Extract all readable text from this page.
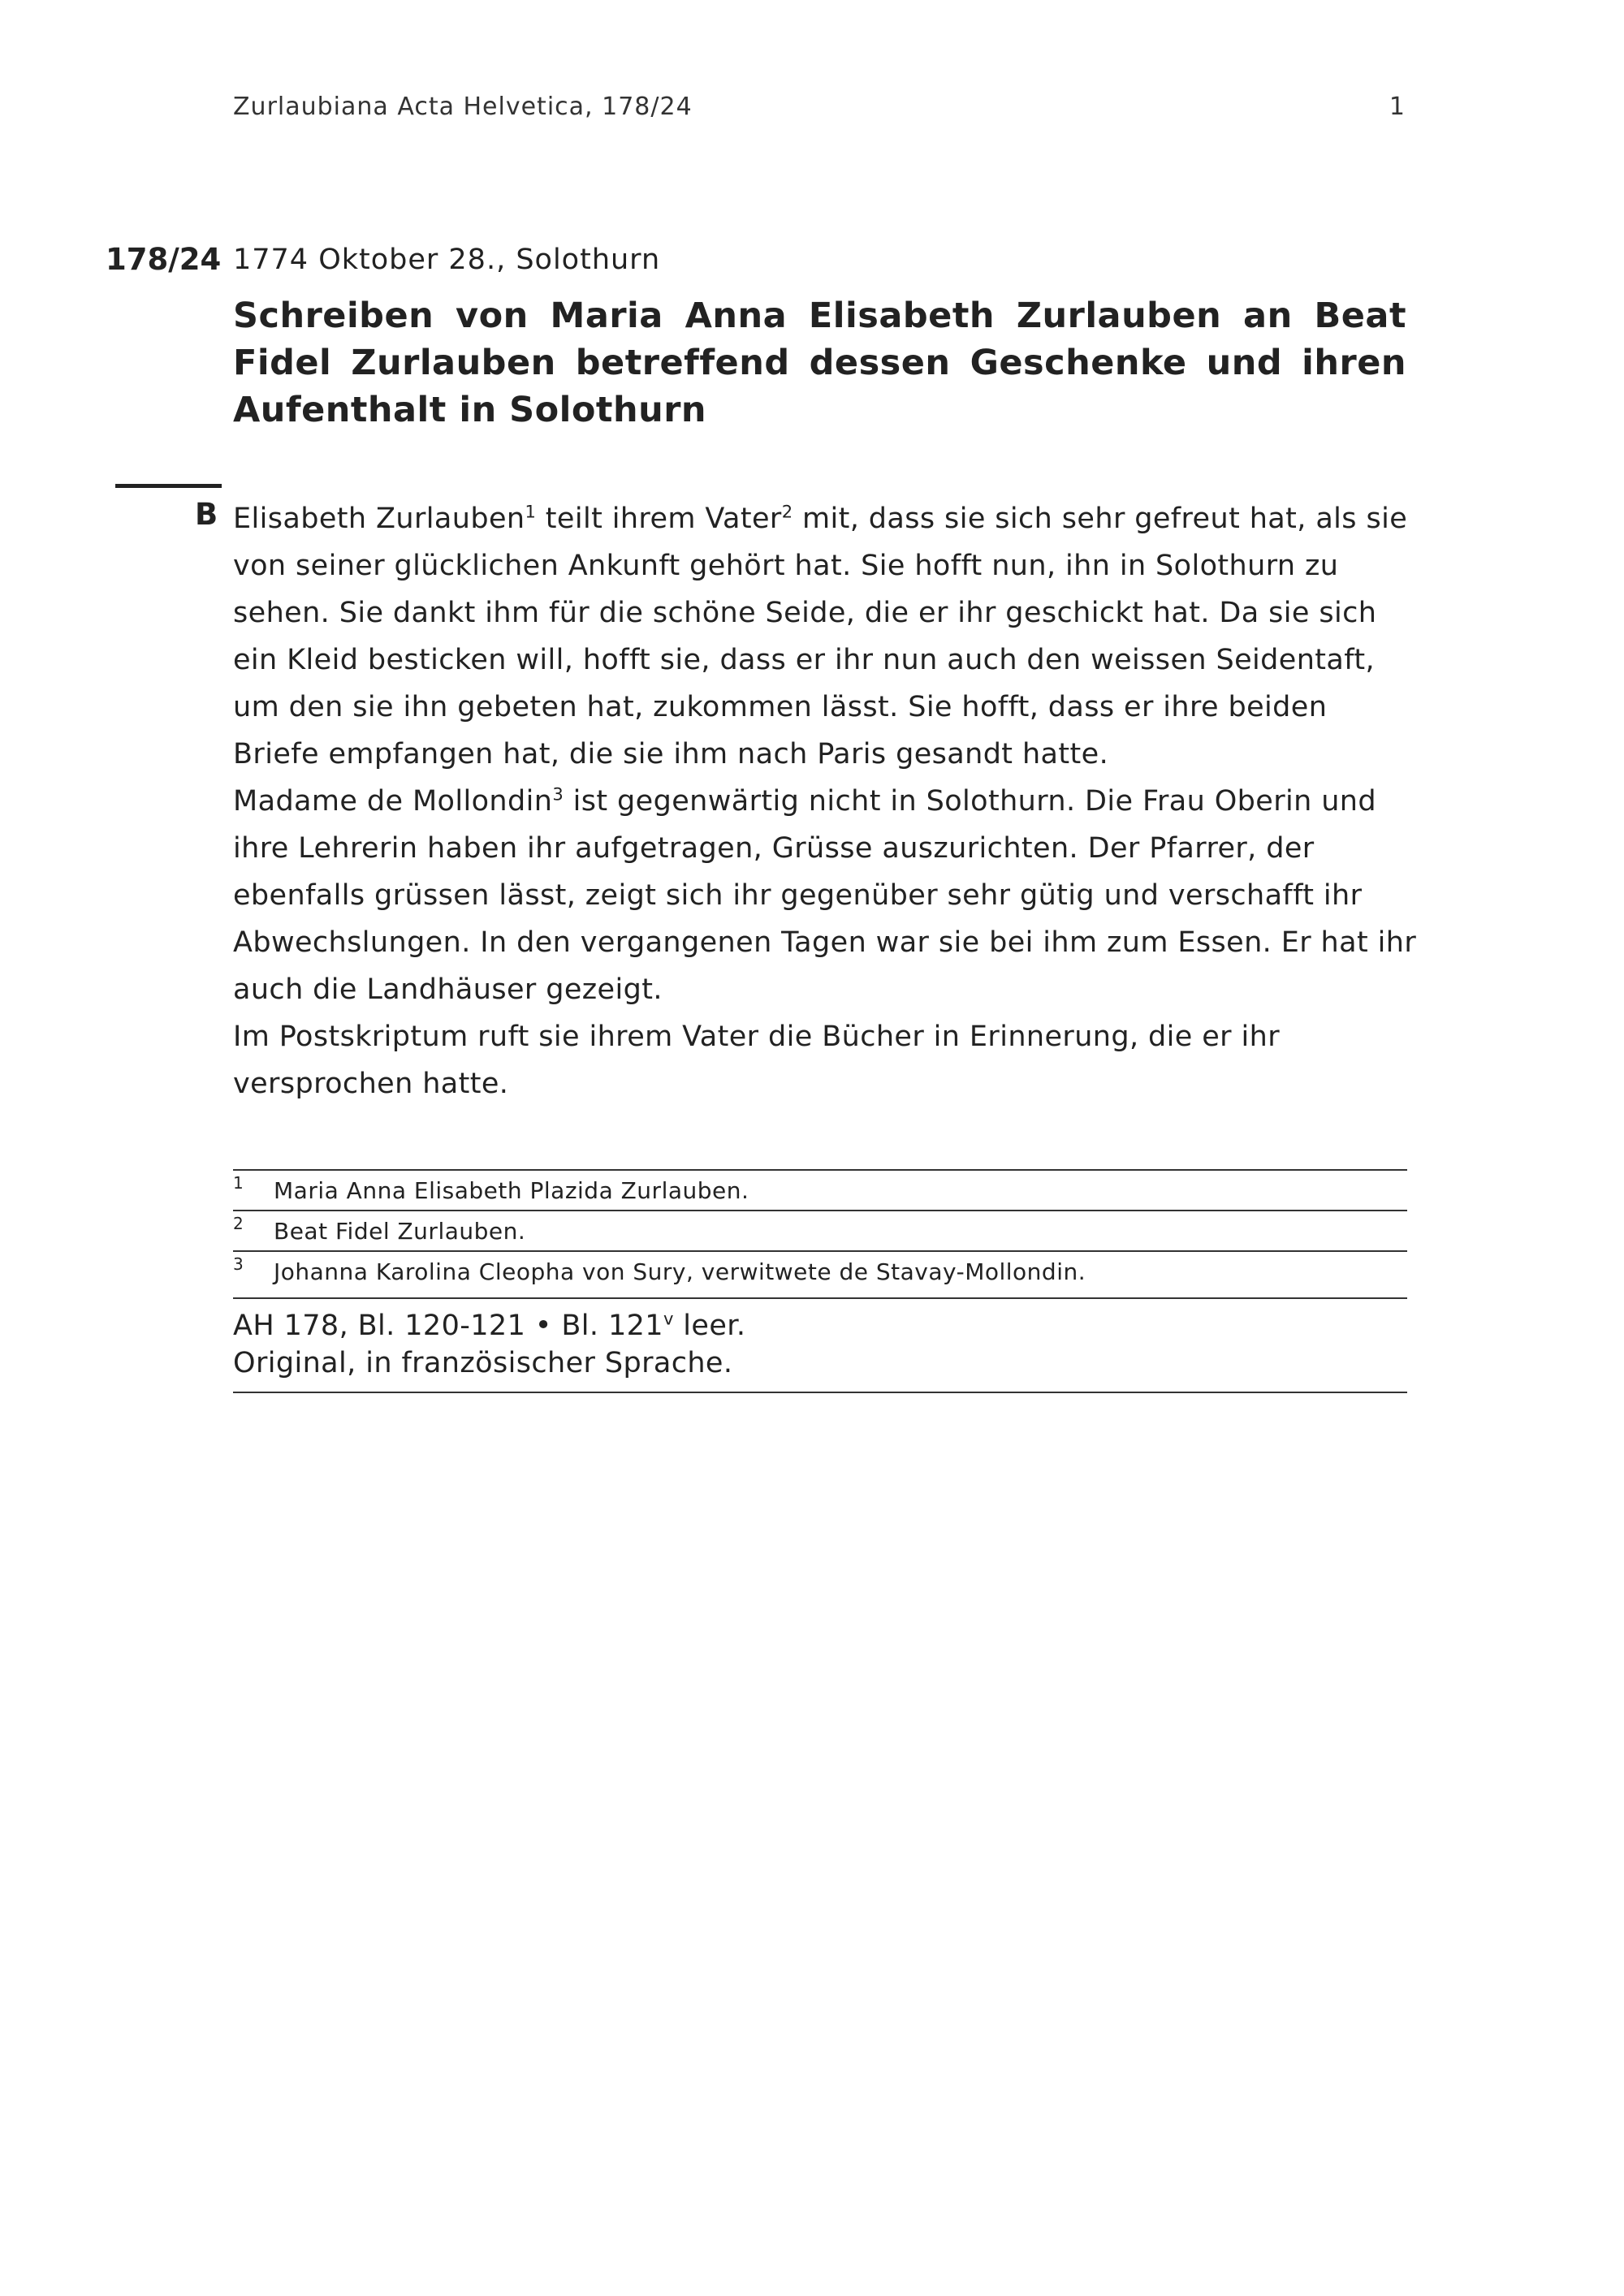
Zurlaubiana Acta Helvetica, 178/24	1
178/24 1774 Oktober 28., Solothurn
Schreiben von Maria Anna Elisabeth Zurlauben an Beat Fidel Zurlauben betreffend dessen Geschenke und ihren Aufenthalt in Solothurn
B Elisabeth Zurlauben$^1$ teilt ihrem Vater$^2$ mit, dass sie sich sehr gefreut hat, als sie von seiner glücklichen Ankunft gehört hat. Sie hofft nun, ihn in Solothurn zu sehen. Sie dankt ihm für die schöne Seide, die er ihr geschickt hat. Da sie sich ein Kleid besticken will, hofft sie, dass er ihr nun auch den weissen Seidentaft, um den sie ihn gebeten hat, zukommen lässt. Sie hofft, dass er ihre beiden Briefe empfangen hat, die sie ihm nach Paris gesandt hatte.

Madame de Mollondin$^3$ ist gegenwärtig nicht in Solothurn. Die Frau Oberin und ihre Lehrerin haben ihr aufgetragen, Grüsse auszurichten. Der Pfarrer, der ebenfalls grüssen lässt, zeigt sich ihr gegenüber sehr gütig und verschafft ihr Abwechslungen. In den vergangenen Tagen war sie bei ihm zum Essen. Er hat ihr auch die Landhäuser gezeigt.

Im Postskriptum ruft sie ihrem Vater die Bücher in Erinnerung, die er ihr versprochen hatte.

1 Maria Anna Elisabeth Plazida Zurlauben.
2 Beat Fidel Zurlauben.
3 Johanna Karolina Cleopha von Sury, verwitwete de Stavay-Mollondin.
AH 178, Bl. 120-121 • Bl. 121$^v$ leer.
Original, in französischer Sprache.
